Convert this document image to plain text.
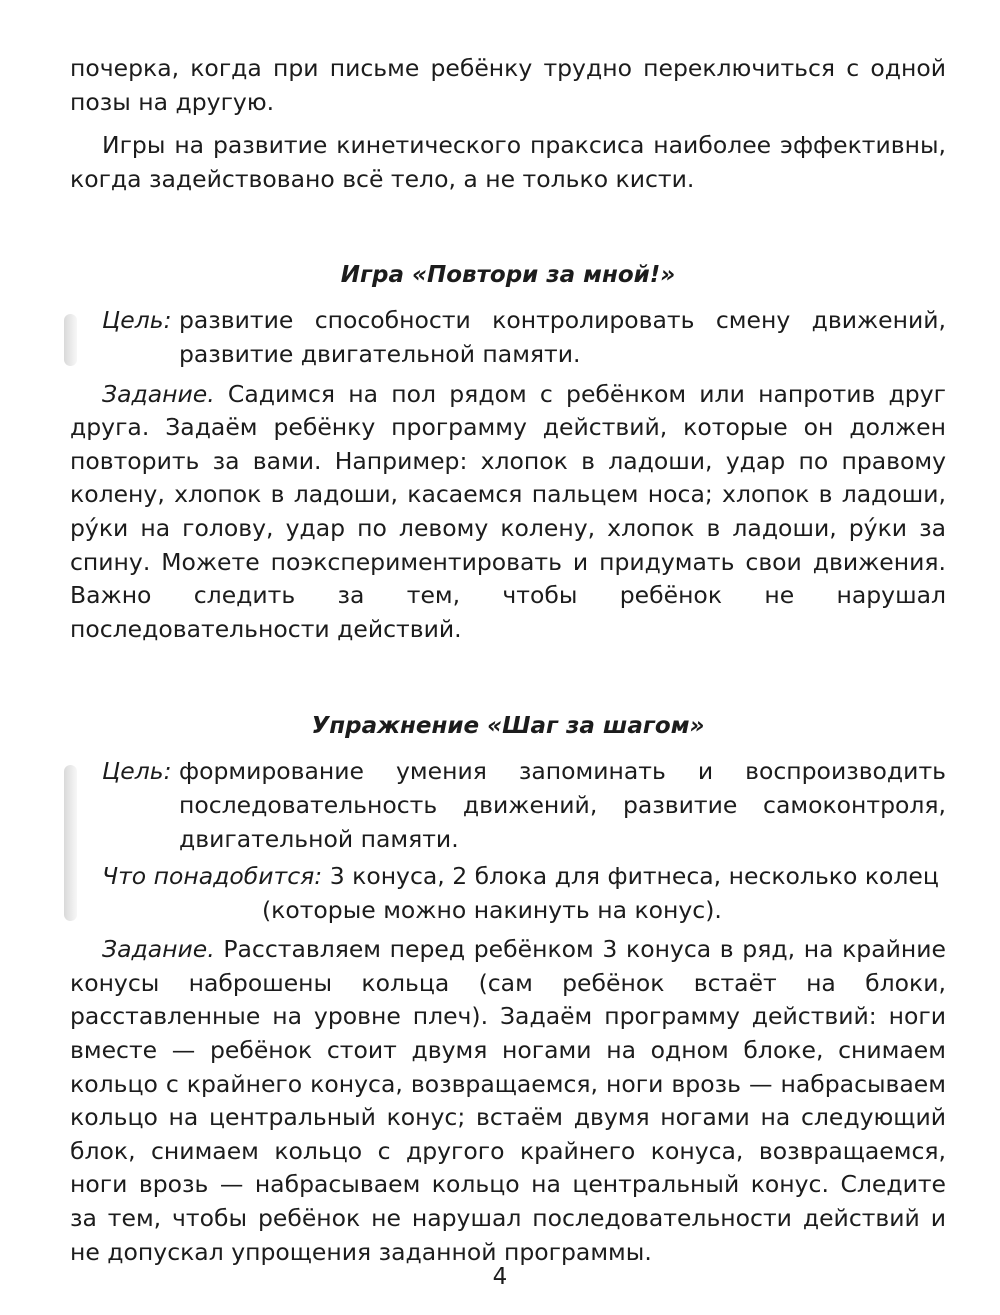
почерка, когда при письме ребёнку трудно переключиться с одной позы на другую.

Игры на развитие кинетического праксиса наиболее эффективны, когда задействовано всё тело, а не только кисти.

Игра «Повтори за мной!»
Цель:
развитие способности контролировать смену движений, развитие двигательной памяти.

Задание. Садимся на пол рядом с ребёнком или напротив друг друга. Задаём ребёнку программу действий, которые он должен повторить за вами. Например: хлопок в ладоши, удар по правому колену, хлопок в ладоши, касаемся пальцем носа; хлопок в ладоши, ру́ки на голову, удар по левому колену, хлопок в ладоши, ру́ки за спину. Можете поэкспериментировать и придумать свои движения. Важно следить за тем, чтобы ребёнок не нарушал последовательности действий.

Упражнение «Шаг за шагом»
Цель:
формирование умения запоминать и воспроизводить последовательность движений, развитие самоконтроля, двигательной памяти.
Что понадобится: 3 конуса, 2 блока для фитнеса, несколько колец
(которые можно накинуть на конус).

Задание. Расставляем перед ребёнком 3 конуса в ряд, на крайние конусы наброшены кольца (сам ребёнок встаёт на блоки, расставленные на уровне плеч). Задаём программу действий: ноги вместе — ребёнок стоит двумя ногами на одном блоке, снимаем кольцо с крайнего конуса, возвращаемся, ноги врозь — набрасываем кольцо на центральный конус; встаём двумя ногами на следующий блок, снимаем кольцо с другого крайнего конуса, возвращаемся, ноги врозь — набрасываем кольцо на центральный конус. Следите за тем, чтобы ребёнок не нарушал последовательности действий и не допускал упрощения заданной программы.

4
